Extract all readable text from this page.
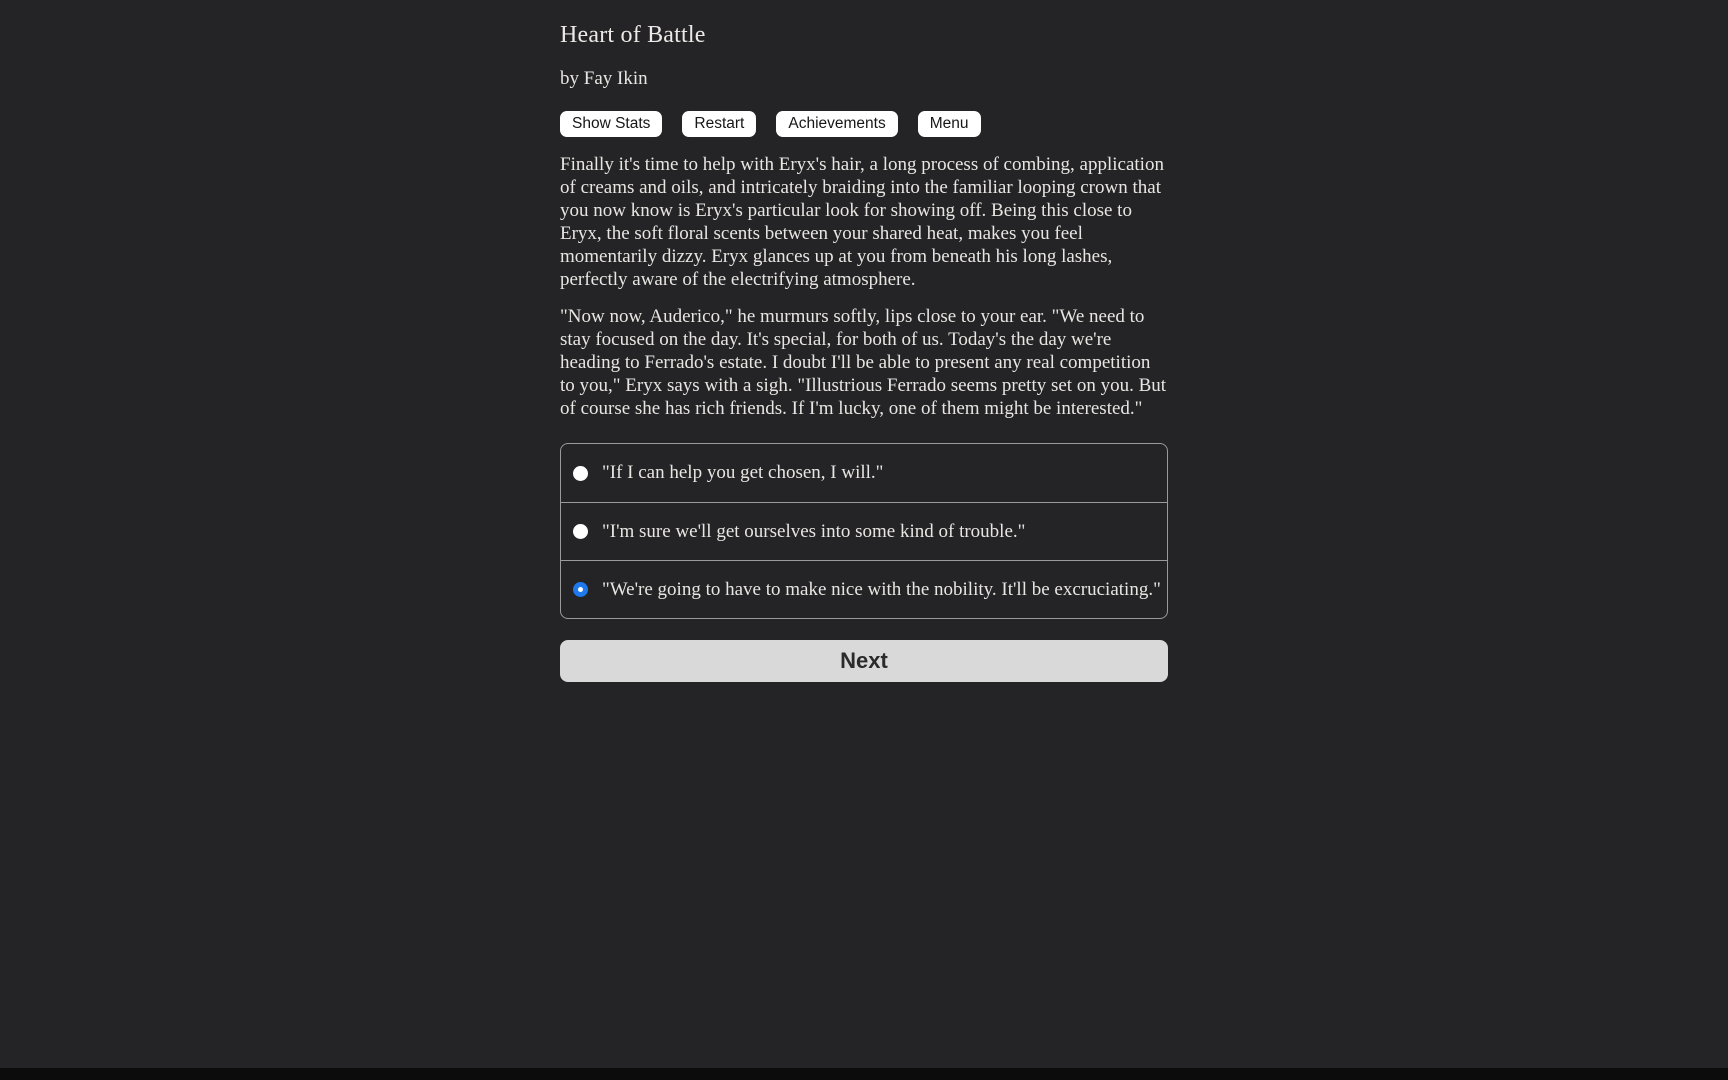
Heart of Battle

by Fay Ikin

Show Stats	Restart	Achievements	Menu

Finally it's time to help with Eryx's hair, a long process of combing, application of creams and oils, and intricately braiding into the familiar looping crown that you now know is Eryx's particular look for showing off. Being this close to Eryx, the soft floral scents between your shared heat, makes you feel momentarily dizzy. Eryx glances up at you from beneath his long lashes, perfectly aware of the electrifying atmosphere.

"Now now, Auderico," he murmurs softly, lips close to your ear. "We need to stay focused on the day. It's special, for both of us. Today's the day we're heading to Ferrado's estate. I doubt I'll be able to present any real competition to you," Eryx says with a sigh. "Illustrious Ferrado seems pretty set on you. But of course she has rich friends. If I'm lucky, one of them might be interested."

"If I can help you get chosen, I will."
"I'm sure we'll get ourselves into some kind of trouble."
"We're going to have to make nice with the nobility. It'll be excruciating."
Next
